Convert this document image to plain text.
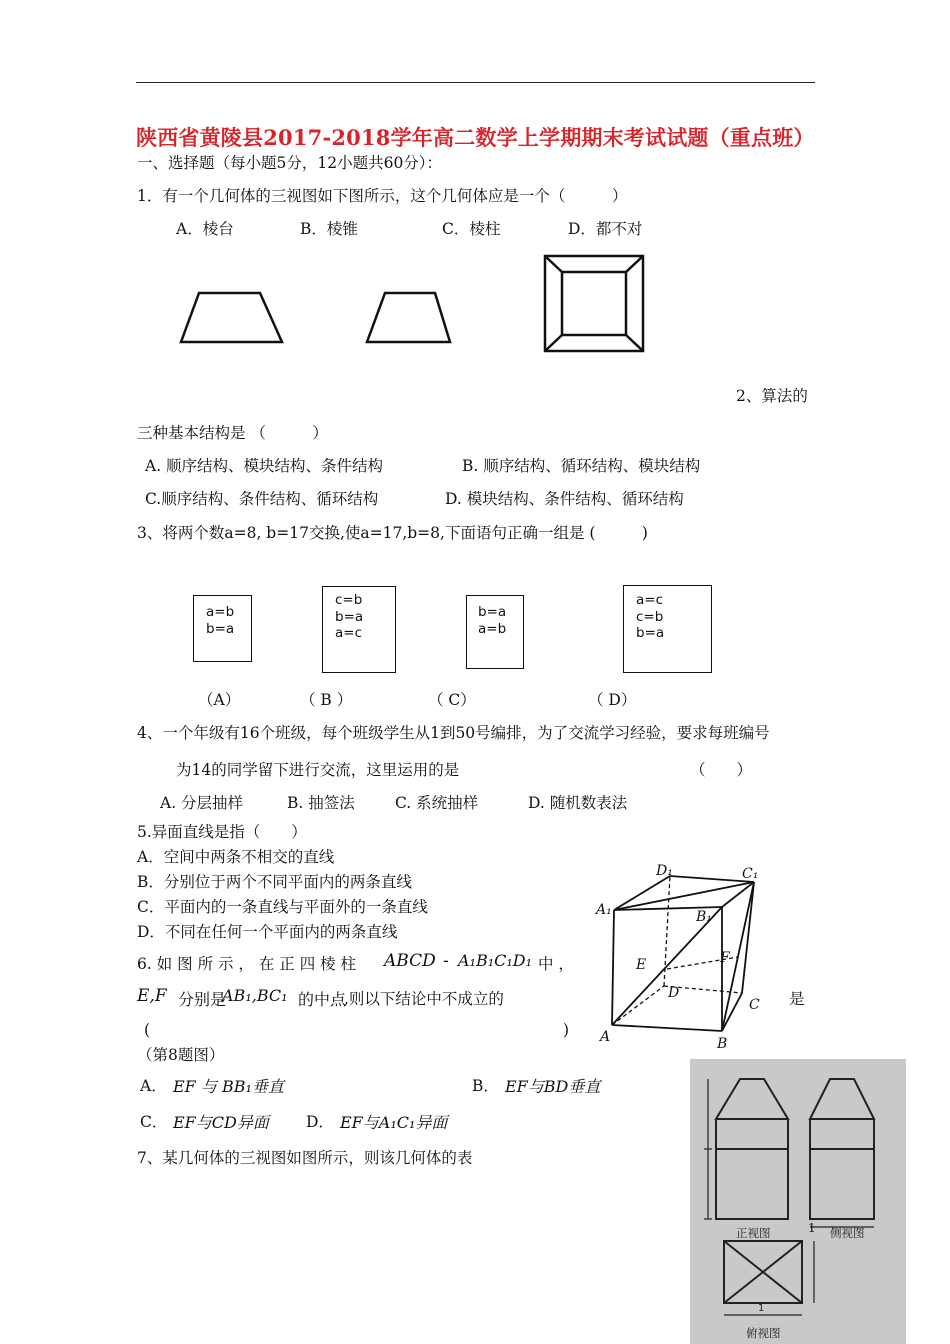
陕西省黄陵县2017-2018学年高二数学上学期期末考试试题（重点班）
一、选择题（每小题5分，12小题共60分）：
1．有一个几何体的三视图如下图所示，这个几何体应是一个（　　　）
A．棱台	B．棱锥	C．棱柱	D．都不对
2、算法的
三种基本结构是 （　　　）
A. 顺序结构、模块结构、条件结构	B. 顺序结构、循环结构、模块结构
C.顺序结构、条件结构、循环结构	D. 模块结构、条件结构、循环结构
3、将两个数a=8, b=17交换,使a=17,b=8,下面语句正确一组是 (　　　)
a=b
b=a
c=b
b=a
a=c
b=a
a=b
a=c
c=b
b=a
（A）	（ B ）	（ C）	（ D）
4、一个年级有16个班级，每个班级学生从1到50号编排，为了交流学习经验，要求每班编号
为14的同学留下进行交流，这里运用的是	（　　）
A. 分层抽样	B. 抽签法	C. 系统抽样	D. 随机数表法
5.异面直线是指（　　）
A．空间中两条不相交的直线
B．分别位于两个不同平面内的两条直线
C．平面内的一条直线与平面外的一条直线
D．不同在任何一个平面内的两条直线
6. 如 图 所 示 ， 在 正 四 棱 柱 ABCD - A₁B₁C₁D₁ 中 ，
E,F 分别是
AB₁,BC₁ 的中点
,则以下结论中不成立的	是
(	)
（第8题图）
A． EF 与 BB₁垂直	B． EF与BD垂直
C． EF与CD异面 D． EF与A₁C₁异面
D₁	C₁
A₁	B₁
E	F
D
C
A	B
7、某几何体的三视图如图所示，则该几何体的表
正视图	侧视图
俯视图
1
1
